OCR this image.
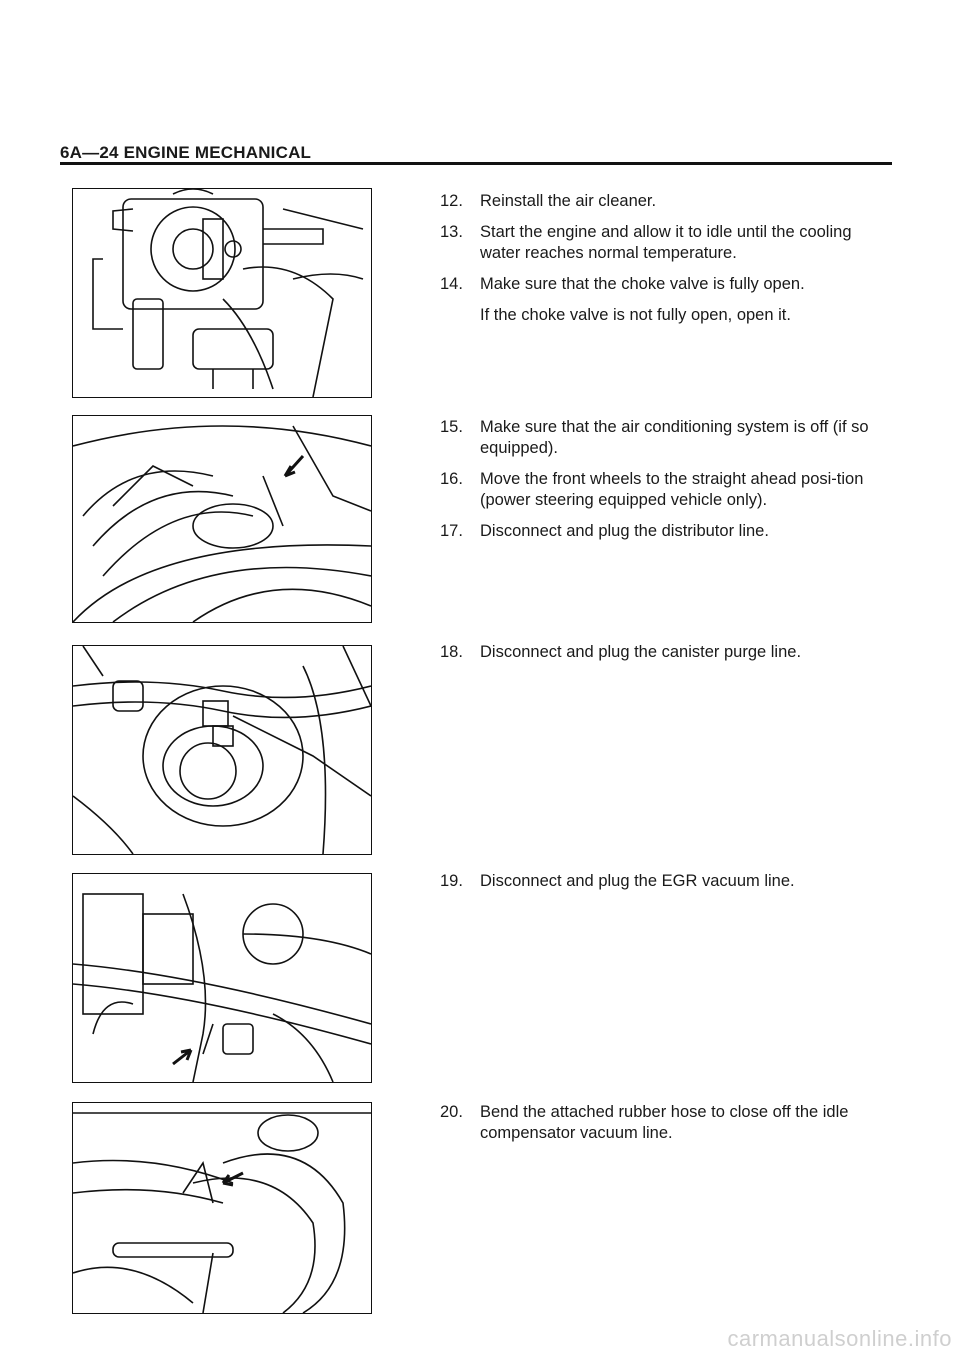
6A—24 ENGINE MECHANICAL
12. Reinstall the air cleaner.
13. Start the engine and allow it to idle until the cooling water reaches normal temperature.
14. Make sure that the choke valve is fully open.
If the choke valve is not fully open, open it.
15. Make sure that the air conditioning system is off (if so equipped).
16. Move the front wheels to the straight ahead posi-tion (power steering equipped vehicle only).
17. Disconnect and plug the distributor line.
18. Disconnect and plug the canister purge line.
19. Disconnect and plug the EGR vacuum line.
20. Bend the attached rubber hose to close off the idle compensator vacuum line.
carmanualsonline.info
